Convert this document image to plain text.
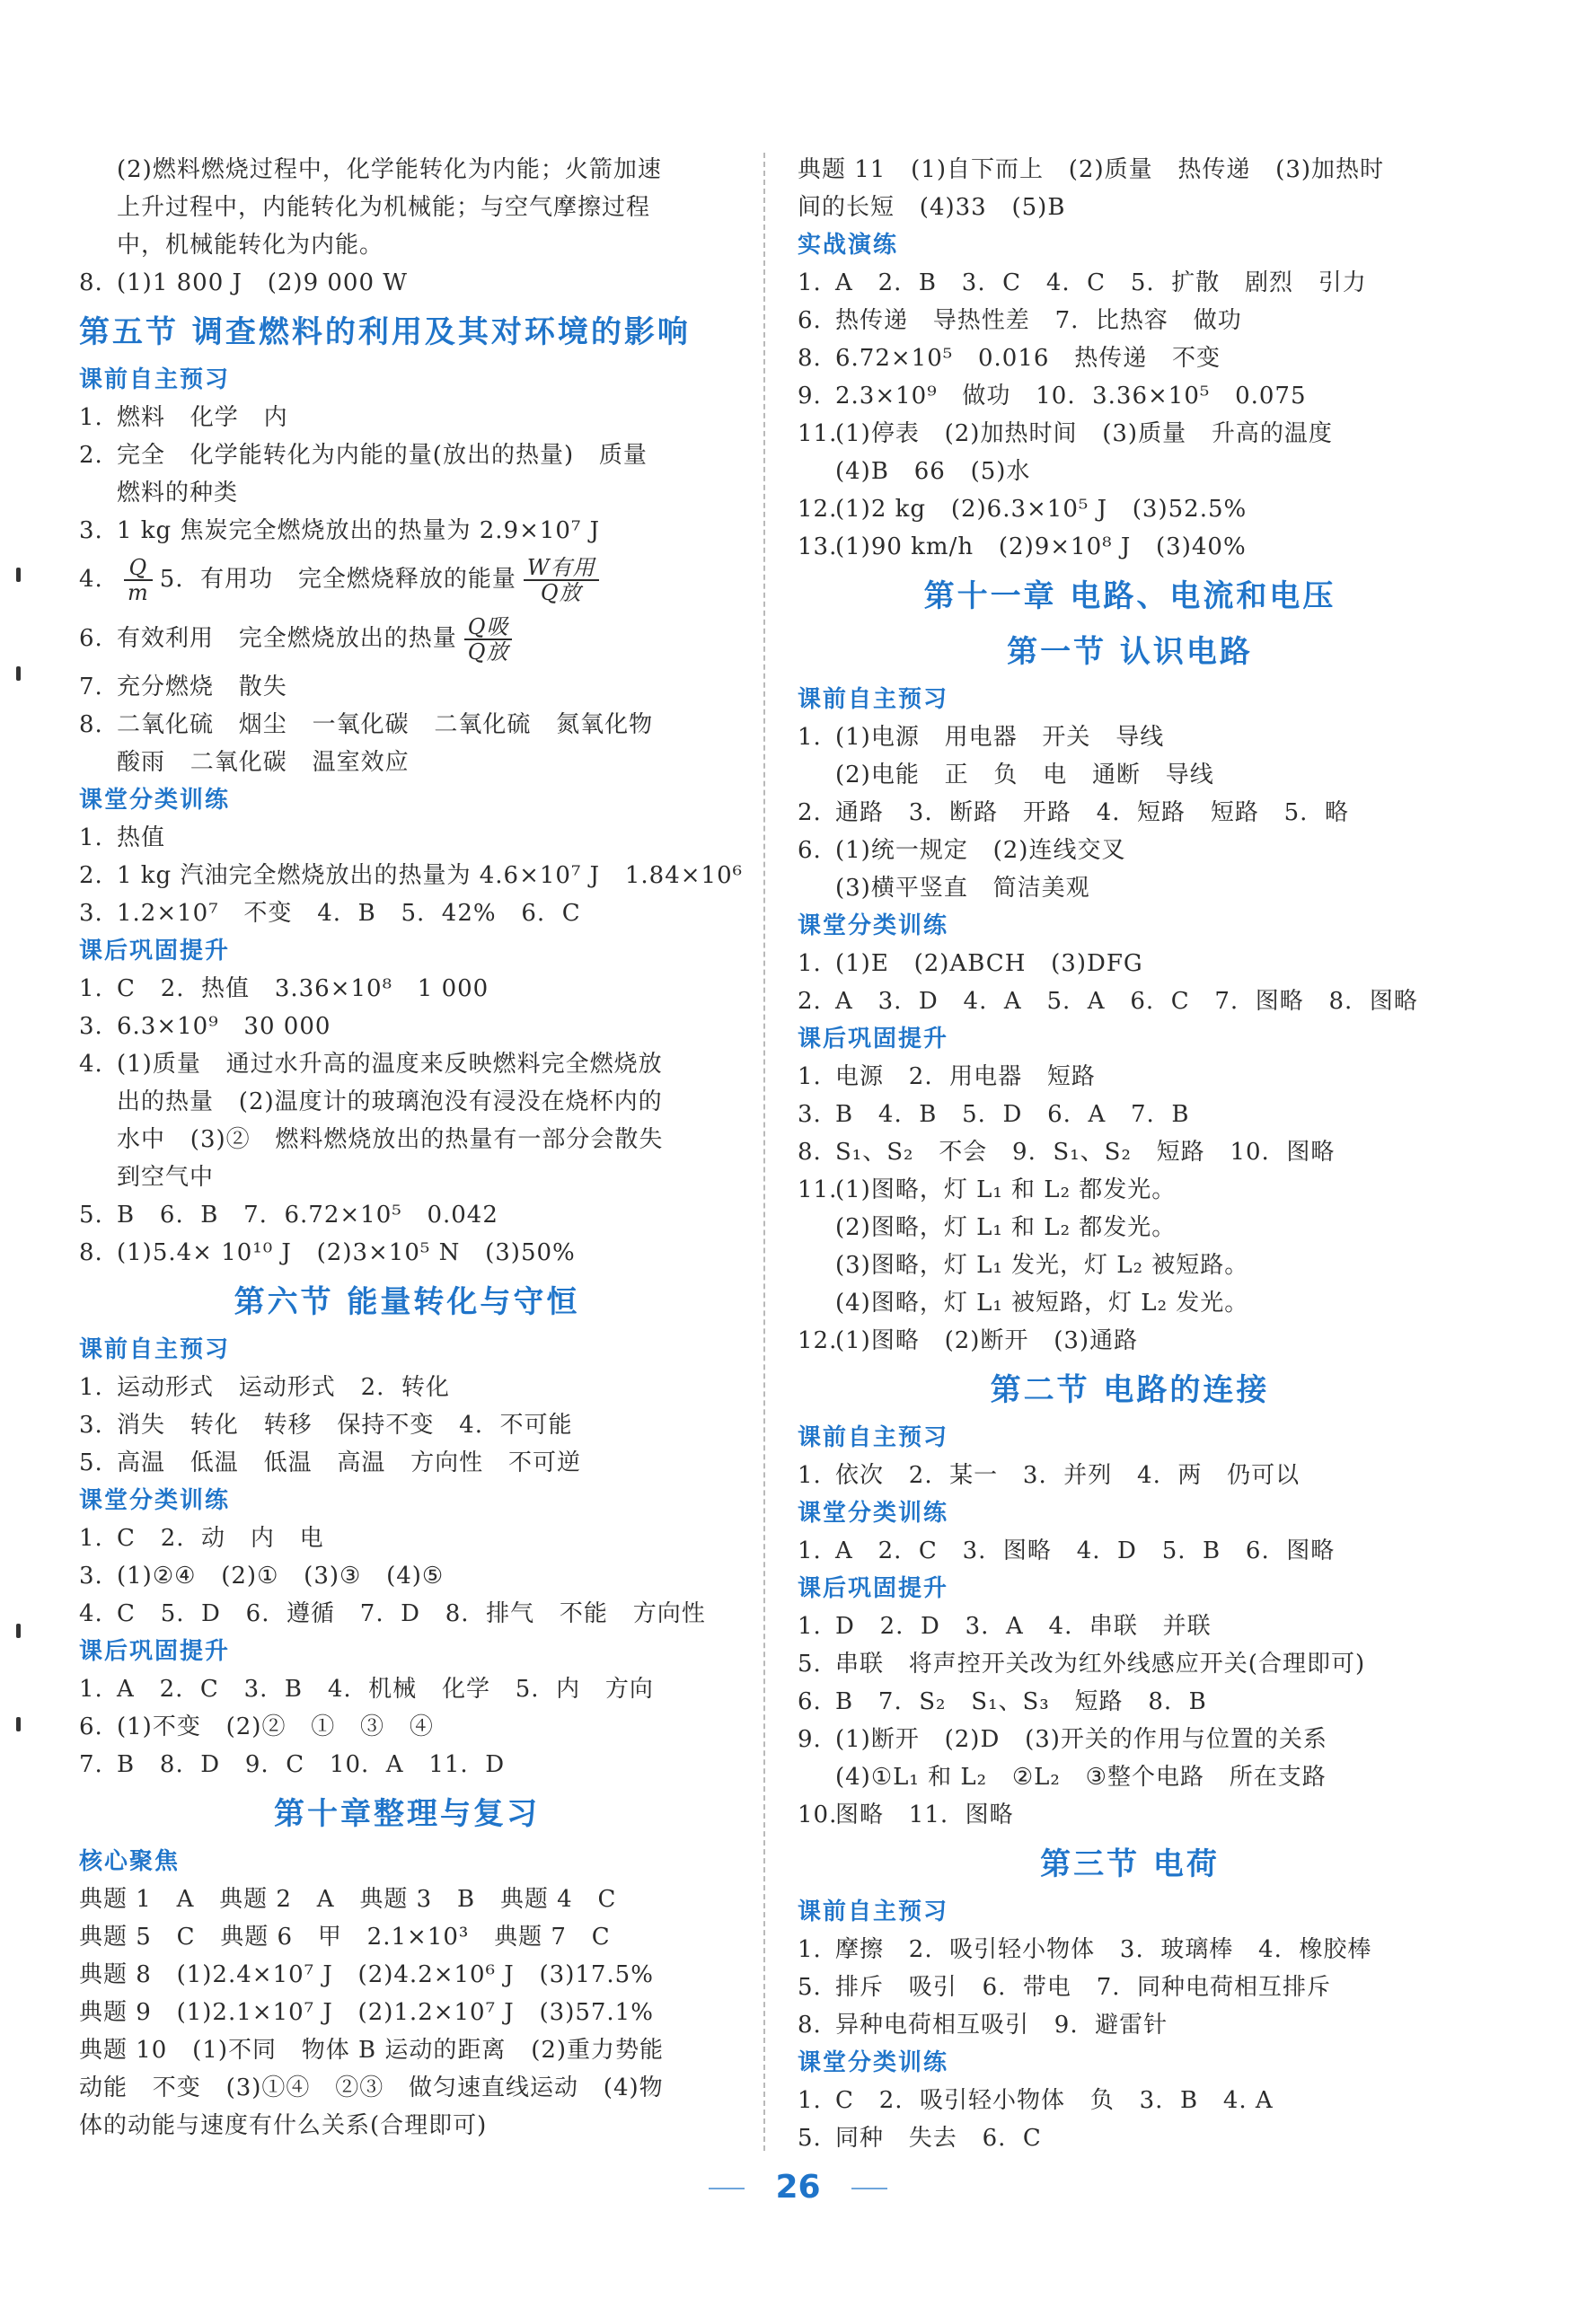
(2)燃料燃烧过程中，化学能转化为内能；火箭加速
上升过程中，内能转化为机械能；与空气摩擦过程
中，机械能转化为内能。
8. (1)1 800 J   (2)9 000 W
第五节 调查燃料的利用及其对环境的影响
课前自主预习
1. 燃料   化学   内
2. 完全   化学能转化为内能的量(放出的热量)   质量
燃料的种类
3. 1 kg 焦炭完全燃烧放出的热量为 2.9×10⁷ J
4. $\frac{Q}{m} 5$.  有用功   完全燃烧释放的能量 $\frac{\text{W有用}}{\text{Q放}}$
6. 有效利用   完全燃烧放出的热量 $\frac{\text{Q吸}}{\text{Q放}}$
7. 充分燃烧   散失
8. 二氧化硫   烟尘   一氧化碳   二氧化硫   氮氧化物
酸雨   二氧化碳   温室效应
课堂分类训练
1. 热值
2. 1 kg 汽油完全燃烧放出的热量为 4.6×10⁷ J   1.84×10⁶
3. 1.2×10⁷   不变   4.  B   5.  42%   6.  C
课后巩固提升
1. C   2.  热值   3.36×10⁸   1 000
3. 6.3×10⁹   30 000
4. (1)质量   通过水升高的温度来反映燃料完全燃烧放
出的热量   (2)温度计的玻璃泡没有浸没在烧杯内的
水中   (3)②   燃料燃烧放出的热量有一部分会散失
到空气中
5. B   6.  B   7.  6.72×10⁵   0.042
8. (1)5.4× 10¹⁰ J   (2)3×10⁵ N   (3)50%
第六节 能量转化与守恒
课前自主预习
1. 运动形式   运动形式   2.  转化
3. 消失   转化   转移   保持不变   4.  不可能
5. 高温   低温   低温   高温   方向性   不可逆
课堂分类训练
1. C   2.  动   内   电
3. (1)②④   (2)①   (3)③   (4)⑤
4. C   5.  D   6.  遵循   7.  D   8.  排气   不能   方向性
课后巩固提升
1. A   2.  C   3.  B   4.  机械   化学   5.  内   方向
6. (1)不变   (2)②   ①   ③   ④
7. B   8.  D   9.  C   10.  A   11.  D
第十章整理与复习
核心聚焦
典题 1   A   典题 2   A   典题 3   B   典题 4   C
典题 5   C   典题 6   甲   2.1×10³   典题 7   C
典题 8   (1)2.4×10⁷ J   (2)4.2×10⁶ J   (3)17.5%
典题 9   (1)2.1×10⁷ J   (2)1.2×10⁷ J   (3)57.1%
典题 10   (1)不同   物体 B 运动的距离   (2)重力势能
动能   不变   (3)①④   ②③   做匀速直线运动   (4)物
体的动能与速度有什么关系(合理即可)
典题 11   (1)自下而上   (2)质量   热传递   (3)加热时
间的长短   (4)33   (5)B
实战演练
1. A   2.  B   3.  C   4.  C   5.  扩散   剧烈   引力
6. 热传递   导热性差   7.  比热容   做功
8. 6.72×10⁵   0.016   热传递   不变
9. 2.3×10⁹   做功   10.  3.36×10⁵   0.075
11.(1)停表   (2)加热时间   (3)质量   升高的温度
(4)B   66   (5)水
12.(1)2 kg   (2)6.3×10⁵ J   (3)52.5%
13.(1)90 km/h   (2)9×10⁸ J   (3)40%
第十一章 电路、电流和电压
第一节 认识电路
课前自主预习
1. (1)电源   用电器   开关   导线
(2)电能   正   负   电   通断   导线
2. 通路   3.  断路   开路   4.  短路   短路   5.  略
6. (1)统一规定   (2)连线交叉
(3)横平竖直   简洁美观
课堂分类训练
1. (1)E   (2)ABCH   (3)DFG
2. A   3.  D   4.  A   5.  A   6.  C   7.  图略   8.  图略
课后巩固提升
1. 电源   2.  用电器   短路
3. B   4.  B   5.  D   6.  A   7.  B
8. S₁、S₂   不会   9.  S₁、S₂   短路   10.  图略
11.(1)图略，灯 L₁ 和 L₂ 都发光。
(2)图略，灯 L₁ 和 L₂ 都发光。
(3)图略，灯 L₁ 发光，灯 L₂ 被短路。
(4)图略，灯 L₁ 被短路，灯 L₂ 发光。
12.(1)图略   (2)断开   (3)通路
第二节 电路的连接
课前自主预习
1. 依次   2.  某一   3.  并列   4.  两   仍可以
课堂分类训练
1. A   2.  C   3.  图略   4.  D   5.  B   6.  图略
课后巩固提升
1. D   2.  D   3.  A   4.  串联   并联
5. 串联   将声控开关改为红外线感应开关(合理即可)
6. B   7.  S₂   S₁、S₃   短路   8.  B
9. (1)断开   (2)D   (3)开关的作用与位置的关系
(4)①L₁ 和 L₂   ②L₂   ③整个电路   所在支路
10.图略   11.  图略
第三节 电荷
课前自主预习
1. 摩擦   2.  吸引轻小物体   3.  玻璃棒   4.  橡胶棒
5. 排斥   吸引   6.  带电   7.  同种电荷相互排斥
8. 异种电荷相互吸引   9.  避雷针
课堂分类训练
1. C   2.  吸引轻小物体   负   3.  B   4. A
5. 同种   失去   6.  C
26
